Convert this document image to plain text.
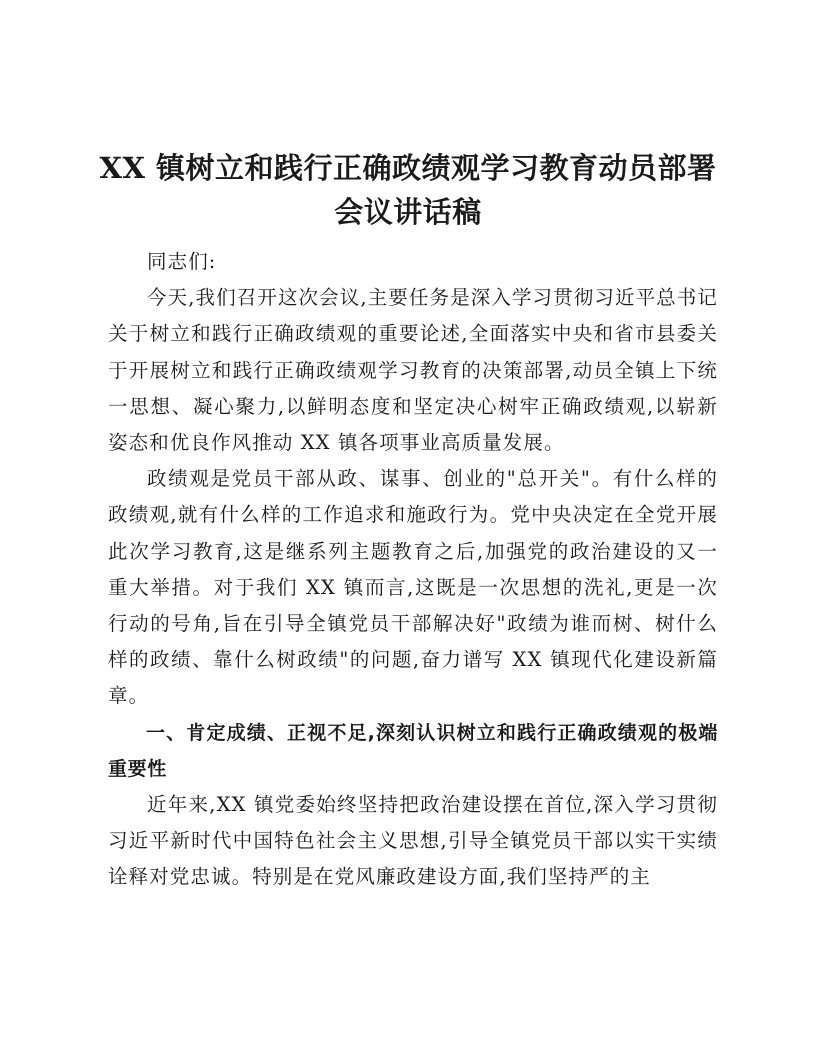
XX 镇树立和践行正确政绩观学习教育动员部署
会议讲话稿

同志们:

今天,我们召开这次会议,主要任务是深入学习贯彻习近平总书记关于树立和践行正确政绩观的重要论述,全面落实中央和省市县委关于开展树立和践行正确政绩观学习教育的决策部署,动员全镇上下统一思想、凝心聚力,以鲜明态度和坚定决心树牢正确政绩观,以崭新姿态和优良作风推动 XX 镇各项事业高质量发展。

政绩观是党员干部从政、谋事、创业的"总开关"。有什么样的政绩观,就有什么样的工作追求和施政行为。党中央决定在全党开展此次学习教育,这是继系列主题教育之后,加强党的政治建设的又一重大举措。对于我们 XX 镇而言,这既是一次思想的洗礼,更是一次行动的号角,旨在引导全镇党员干部解决好"政绩为谁而树、树什么样的政绩、靠什么树政绩"的问题,奋力谱写 XX 镇现代化建设新篇章。

一、肯定成绩、正视不足,深刻认识树立和践行正确政绩观的极端重要性

近年来,XX 镇党委始终坚持把政治建设摆在首位,深入学习贯彻习近平新时代中国特色社会主义思想,引导全镇党员干部以实干实绩诠释对党忠诚。特别是在党风廉政建设方面,我们坚持严的主
